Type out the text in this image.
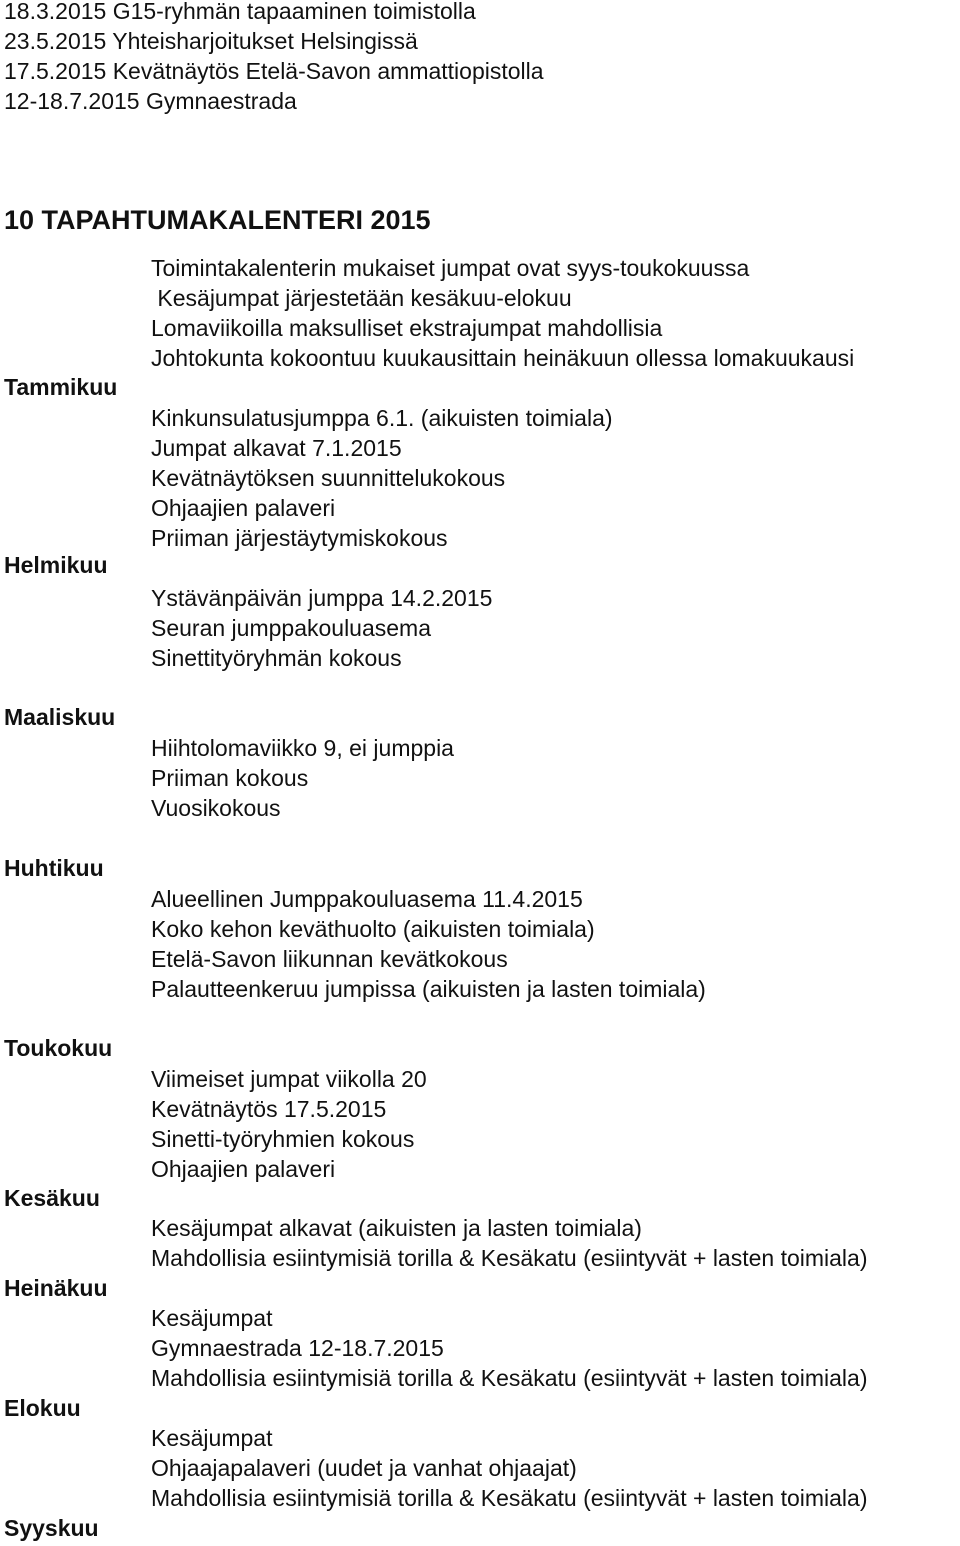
18.3.2015 G15-ryhmän tapaaminen toimistolla
23.5.2015 Yhteisharjoitukset Helsingissä
17.5.2015 Kevätnäytös Etelä-Savon ammattiopistolla
12-18.7.2015 Gymnaestrada
10 TAPAHTUMAKALENTERI 2015
Tammikuu
Helmikuu
Maaliskuu
Huhtikuu
Toukokuu
Kesäkuu
Heinäkuu
Elokuu
Syyskuu
Toimintakalenterin mukaiset jumpat ovat syys-toukokuussa
Kesäjumpat järjestetään kesäkuu-elokuu
Lomaviikoilla maksulliset ekstrajumpat mahdollisia
Johtokunta kokoontuu kuukausittain heinäkuun ollessa lomakuukausi
Kinkunsulatusjumppa 6.1. (aikuisten toimiala)
Jumpat alkavat 7.1.2015
Kevätnäytöksen suunnittelukokous
Ohjaajien palaveri
Priiman järjestäytymiskokous
Ystävänpäivän jumppa 14.2.2015
Seuran jumppakouluasema
Sinettityöryhmän kokous
Hiihtolomaviikko 9, ei jumppia
Priiman kokous
Vuosikokous
Alueellinen Jumppakouluasema 11.4.2015
Koko kehon keväthuolto (aikuisten toimiala)
Etelä-Savon liikunnan kevätkokous
Palautteenkeruu jumpissa (aikuisten ja lasten toimiala)
Viimeiset jumpat viikolla 20
Kevätnäytös 17.5.2015
Sinetti-työryhmien kokous
Ohjaajien palaveri
Kesäjumpat alkavat (aikuisten ja lasten toimiala)
Mahdollisia esiintymisiä torilla & Kesäkatu (esiintyvät + lasten toimiala)
Kesäjumpat
Gymnaestrada 12-18.7.2015
Mahdollisia esiintymisiä torilla & Kesäkatu (esiintyvät + lasten toimiala)
Kesäjumpat
Ohjaajapalaveri (uudet ja vanhat ohjaajat)
Mahdollisia esiintymisiä torilla & Kesäkatu (esiintyvät + lasten toimiala)
